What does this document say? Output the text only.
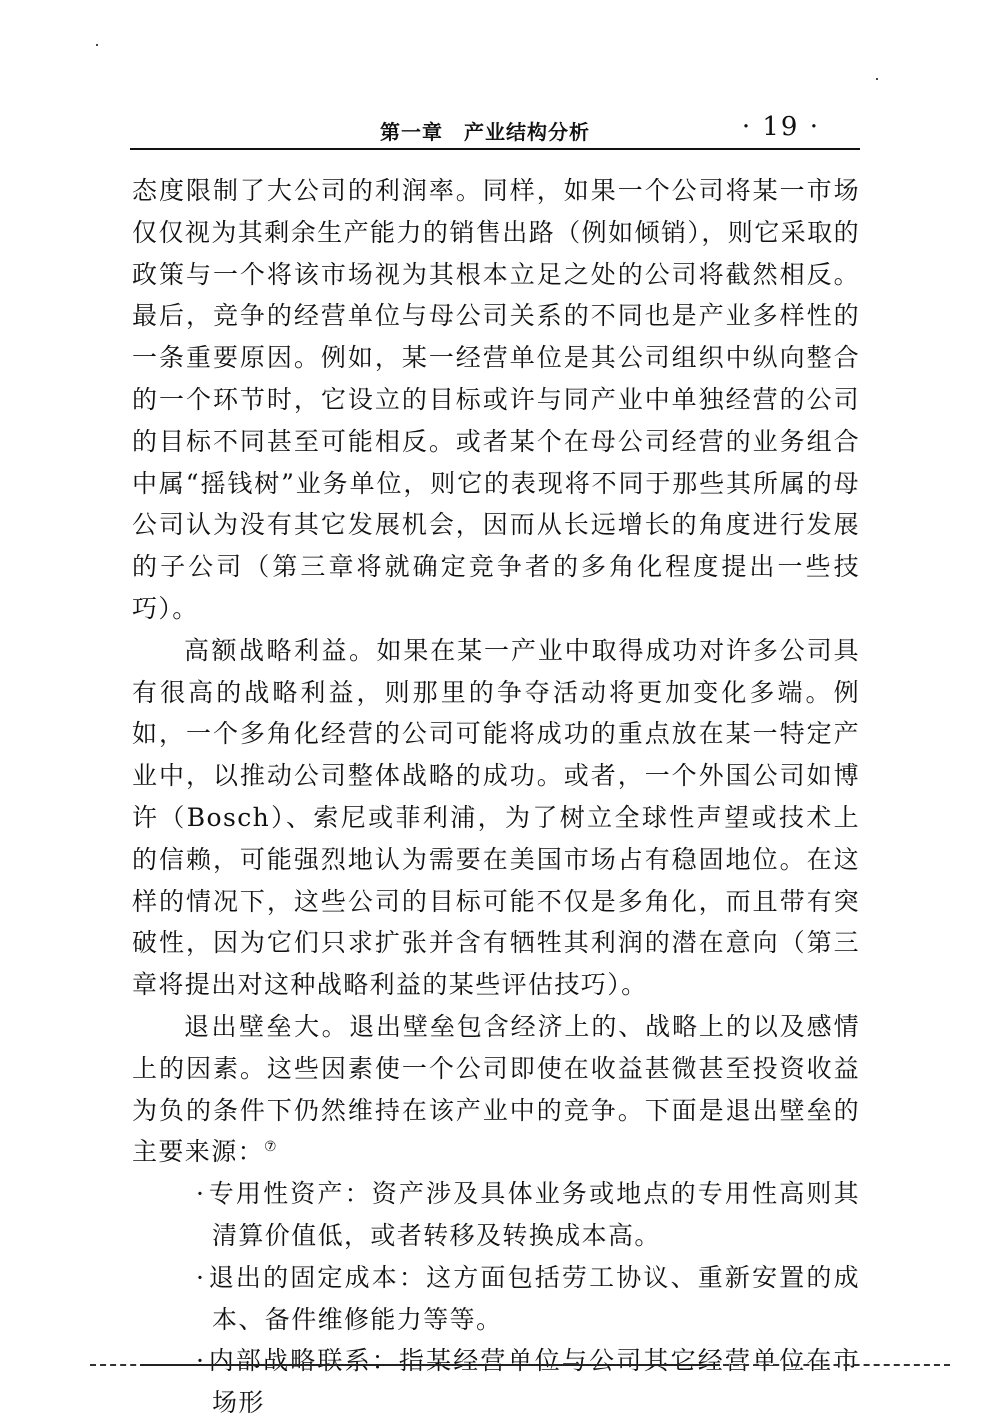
第一章　产业结构分析	· 19 ·

态度限制了大公司的利润率。同样，如果一个公司将某一市场仅仅视为其剩余生产能力的销售出路（例如倾销），则它采取的政策与一个将该市场视为其根本立足之处的公司将截然相反。最后，竞争的经营单位与母公司关系的不同也是产业多样性的一条重要原因。例如，某一经营单位是其公司组织中纵向整合的一个环节时，它设立的目标或许与同产业中单独经营的公司的目标不同甚至可能相反。或者某个在母公司经营的业务组合中属“摇钱树”业务单位，则它的表现将不同于那些其所属的母公司认为没有其它发展机会，因而从长远增长的角度进行发展的子公司（第三章将就确定竞争者的多角化程度提出一些技巧）。

高额战略利益。如果在某一产业中取得成功对许多公司具有很高的战略利益，则那里的争夺活动将更加变化多端。例如，一个多角化经营的公司可能将成功的重点放在某一特定产业中，以推动公司整体战略的成功。或者，一个外国公司如博许（Bosch）、索尼或菲利浦，为了树立全球性声望或技术上的信赖，可能强烈地认为需要在美国市场占有稳固地位。在这样的情况下，这些公司的目标可能不仅是多角化，而且带有突破性，因为它们只求扩张并含有牺牲其利润的潜在意向（第三章将提出对这种战略利益的某些评估技巧）。

退出壁垒大。退出壁垒包含经济上的、战略上的以及感情上的因素。这些因素使一个公司即使在收益甚微甚至投资收益为负的条件下仍然维持在该产业中的竞争。下面是退出壁垒的主要来源：⑦

· 专用性资产：资产涉及具体业务或地点的专用性高则其清算价值低，或者转移及转换成本高。
· 退出的固定成本：这方面包括劳工协议、重新安置的成本、备件维修能力等等。
· 内部战略联系：指某经营单位与公司其它经营单位在市场形
